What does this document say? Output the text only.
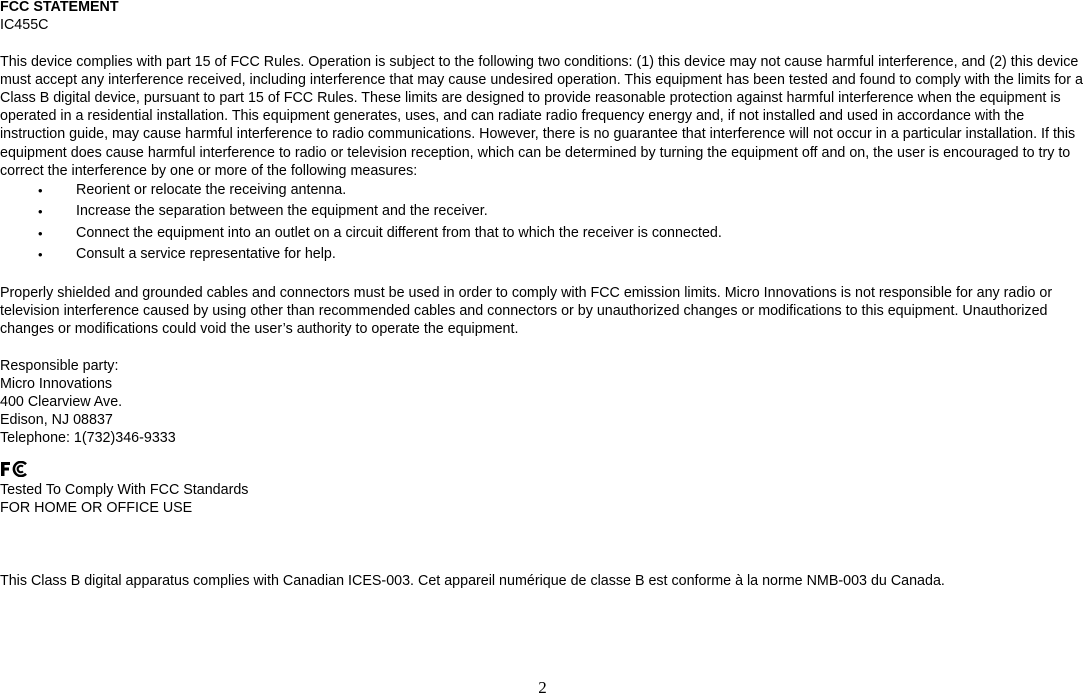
FCC STATEMENT

IC455C

This device complies with part 15 of FCC Rules. Operation is subject to the following two conditions: (1) this device may not cause harmful interference, and (2) this device must accept any interference received, including interference that may cause undesired operation. This equipment has been tested and found to comply with the limits for a Class B digital device, pursuant to part 15 of FCC Rules. These limits are designed to provide reasonable protection against harmful interference when the equipment is operated in a residential installation. This equipment generates, uses, and can radiate radio frequency energy and, if not installed and used in accordance with the instruction guide, may cause harmful interference to radio communications. However, there is no guarantee that interference will not occur in a particular installation. If this equipment does cause harmful interference to radio or television reception, which can be determined by turning the equipment off and on, the user is encouraged to try to correct the interference by one or more of the following measures:

• Reorient or relocate the receiving antenna.
• Increase the separation between the equipment and the receiver.
• Connect the equipment into an outlet on a circuit different from that to which the receiver is connected.
• Consult a service representative for help.

Properly shielded and grounded cables and connectors must be used in order to comply with FCC emission limits. Micro Innovations is not responsible for any radio or television interference caused by using other than recommended cables and connectors or by unauthorized changes or modifications to this equipment. Unauthorized changes or modifications could void the user’s authority to operate the equipment.

Responsible party:

Micro Innovations

400 Clearview Ave.

Edison, NJ 08837

Telephone: 1(732)346-9333

Tested To Comply With FCC Standards

FOR HOME OR OFFICE USE

This Class B digital apparatus complies with Canadian ICES-003. Cet appareil numérique de classe B est conforme à la norme NMB-003 du Canada.

2
